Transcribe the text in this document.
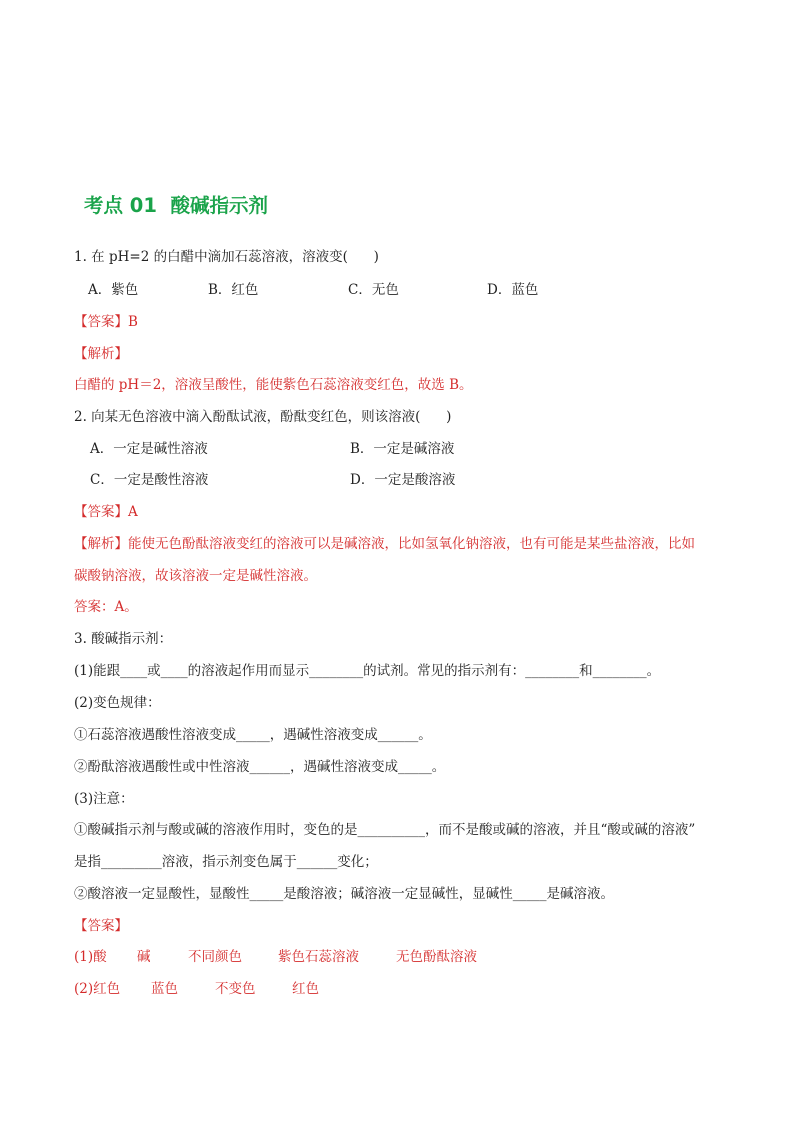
考点 01  酸碱指示剂
1. 在 pH=2 的白醋中滴加石蕊溶液，溶液变(      )
A．紫色	B．红色	C．无色	D．蓝色
【答案】B
【解析】
白醋的 pH＝2，溶液呈酸性，能使紫色石蕊溶液变红色，故选 B。
2. 向某无色溶液中滴入酚酞试液，酚酞变红色，则该溶液(      )
A．一定是碱性溶液	B．一定是碱溶液
C．一定是酸性溶液	D．一定是酸溶液
【答案】A
【解析】能使无色酚酞溶液变红的溶液可以是碱溶液，比如氢氧化钠溶液，也有可能是某些盐溶液，比如
碳酸钠溶液，故该溶液一定是碱性溶液。
答案：A。
3. 酸碱指示剂：
(1)能跟____或____的溶液起作用而显示________的试剂。常见的指示剂有：________和________。
(2)变色规律：
①石蕊溶液遇酸性溶液变成_____，遇碱性溶液变成______。
②酚酞溶液遇酸性或中性溶液______，遇碱性溶液变成_____。
(3)注意：
①酸碱指示剂与酸或碱的溶液作用时，变色的是__________，而不是酸或碱的溶液，并且“酸或碱的溶液”
是指_________溶液，指示剂变色属于______变化；
②酸溶液一定显酸性，显酸性_____是酸溶液；碱溶液一定显碱性，显碱性_____是碱溶液。
【答案】
(1)酸 碱	不同颜色	紫色石蕊溶液	无色酚酞溶液
(2)红色 蓝色	不变色	红色
